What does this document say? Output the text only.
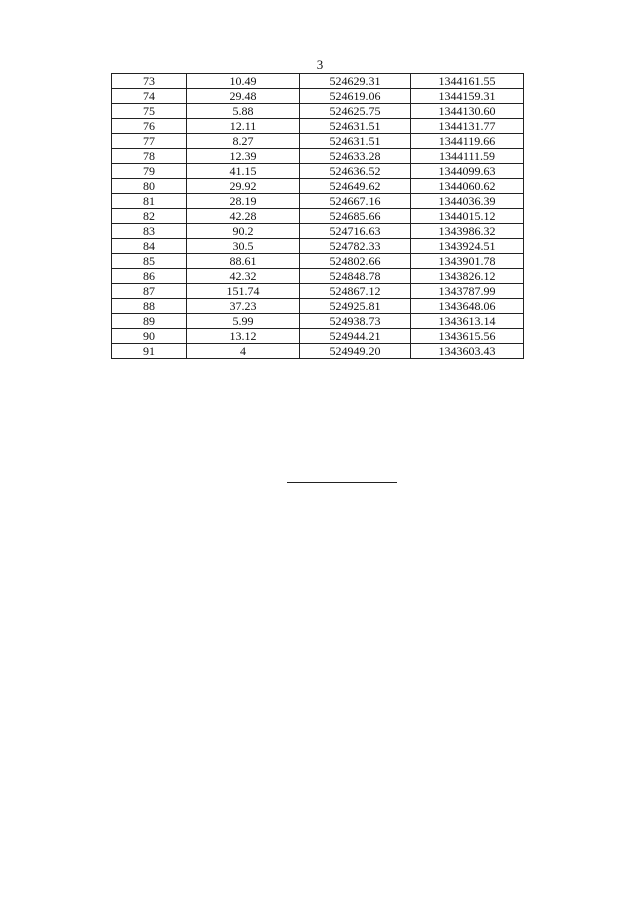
3
73	10.49	524629.31	1344161.55
74	29.48	524619.06	1344159.31
75	5.88	524625.75	1344130.60
76	12.11	524631.51	1344131.77
77	8.27	524631.51	1344119.66
78	12.39	524633.28	1344111.59
79	41.15	524636.52	1344099.63
80	29.92	524649.62	1344060.62
81	28.19	524667.16	1344036.39
82	42.28	524685.66	1344015.12
83	90.2	524716.63	1343986.32
84	30.5	524782.33	1343924.51
85	88.61	524802.66	1343901.78
86	42.32	524848.78	1343826.12
87	151.74	524867.12	1343787.99
88	37.23	524925.81	1343648.06
89	5.99	524938.73	1343613.14
90	13.12	524944.21	1343615.56
91	4	524949.20	1343603.43
